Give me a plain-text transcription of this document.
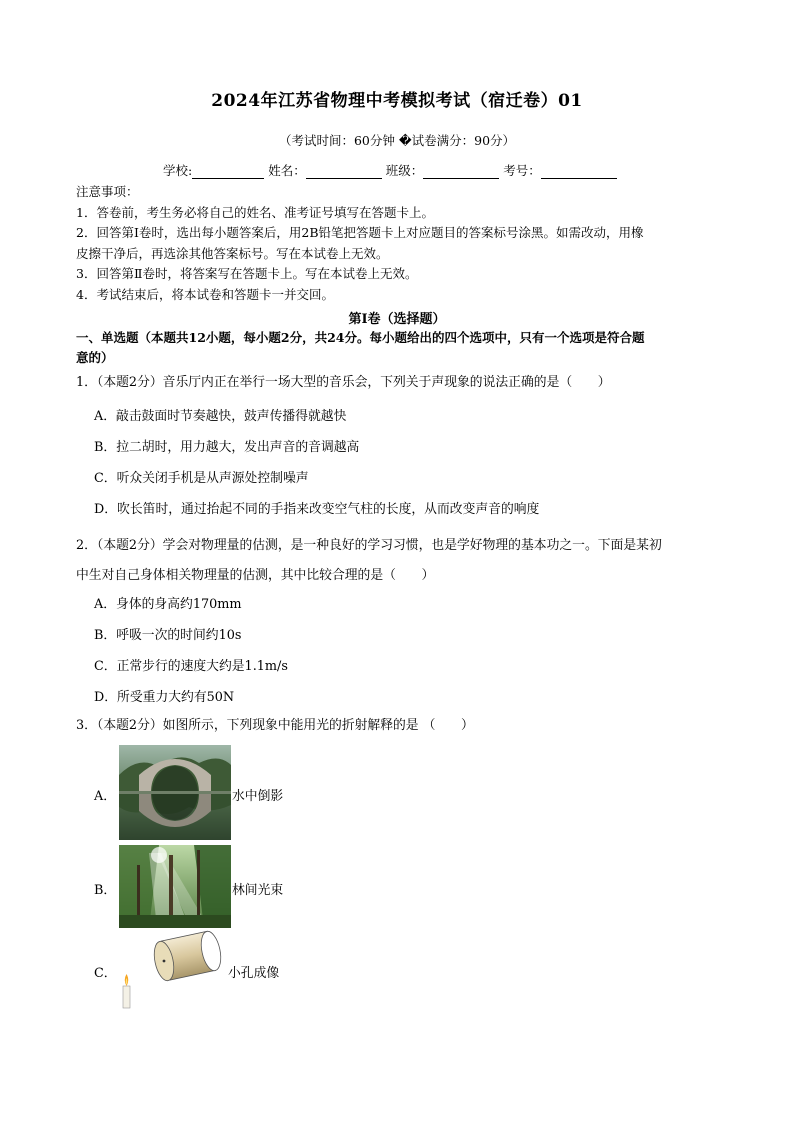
2024年江苏省物理中考模拟考试（宿迁卷）01
（考试时间：60分钟 �试卷满分：90分）
学校:	姓名：	班级：	考号：
注意事项：
1．答卷前，考生务必将自己的姓名、准考证号填写在答题卡上。
2．回答第Ⅰ卷时，选出每小题答案后，用2B铅笔把答题卡上对应题目的答案标号涂黑。如需改动，用橡
皮擦干净后，再选涂其他答案标号。写在本试卷上无效。
3．回答第Ⅱ卷时，将答案写在答题卡上。写在本试卷上无效。
4．考试结束后，将本试卷和答题卡一并交回。
第Ⅰ卷（选择题）
一、单选题（本题共12小题，每小题2分，共24分。每小题给出的四个选项中，只有一个选项是符合题
意的）
1．（本题2分）音乐厅内正在举行一场大型的音乐会，下列关于声现象的说法正确的是（　　）
A．敲击鼓面时节奏越快，鼓声传播得就越快
B．拉二胡时，用力越大，发出声音的音调越高
C．听众关闭手机是从声源处控制噪声
D．吹长笛时，通过抬起不同的手指来改变空气柱的长度，从而改变声音的响度
2．（本题2分）学会对物理量的估测，是一种良好的学习习惯，也是学好物理的基本功之一。下面是某初
中生对自己身体相关物理量的估测，其中比较合理的是（　　）
A．身体的身高约170mm
B．呼吸一次的时间约10s
C．正常步行的速度大约是1.1m/s
D．所受重力大约有50N
3．（本题2分）如图所示，下列现象中能用光的折射解释的是 （　　）
A．	水中倒影
B．	林间光束
C．	小孔成像
